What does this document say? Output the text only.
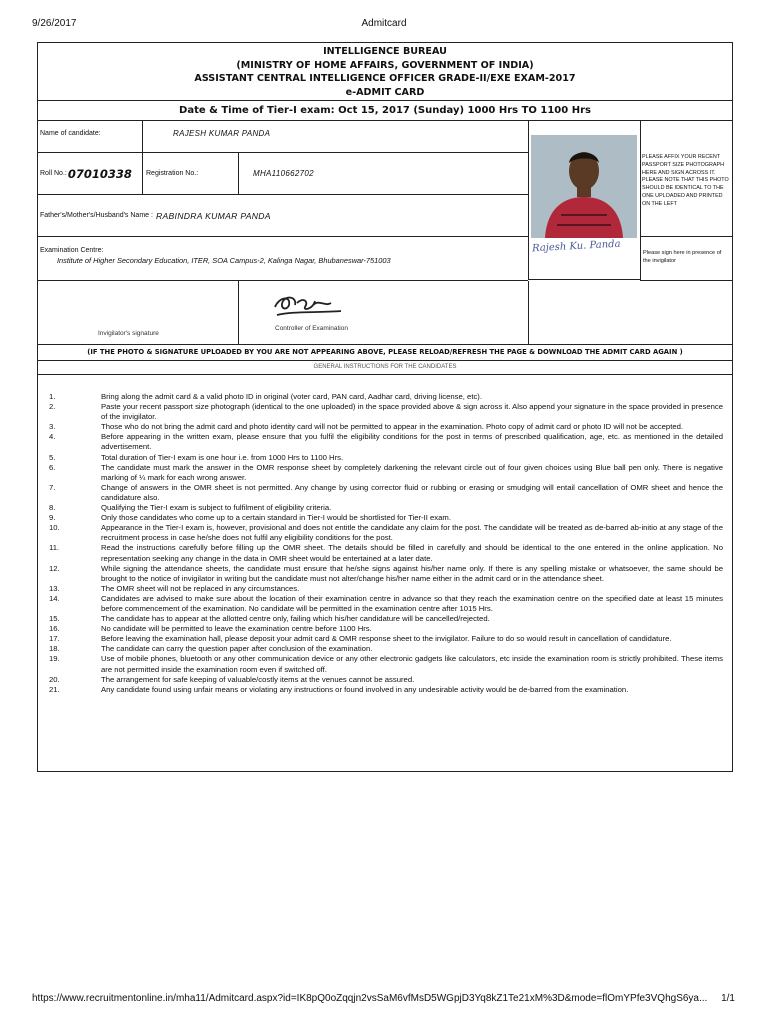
9/26/2017	Admitcard
INTELLIGENCE BUREAU
(MINISTRY OF HOME AFFAIRS, GOVERNMENT OF INDIA)
ASSISTANT CENTRAL INTELLIGENCE OFFICER GRADE-II/EXE EXAM-2017
e-ADMIT CARD
Date & Time of Tier-I exam: Oct 15, 2017 (Sunday) 1000 Hrs TO 1100 Hrs
Name of candidate:	RAJESH KUMAR PANDA
Roll No.: 07010338	Registration No.:	MHA110662702
Father's/Mother's/Husband's Name : RABINDRA KUMAR PANDA
Examination Centre:
Institute of Higher Secondary Education, ITER, SOA Campus-2, Kalinga Nagar, Bhubaneswar-751003
Invigilator's signature
Controller of Examination
PLEASE AFFIX YOUR RECENT PASSPORT SIZE PHOTOGRAPH HERE AND SIGN ACROSS IT. PLEASE NOTE THAT THIS PHOTO SHOULD BE IDENTICAL TO THE ONE UPLOADED AND PRINTED ON THE LEFT
Rajesh Ku. Panda	Please sign here in presence of the invigilator
(IF THE PHOTO & SIGNATURE UPLOADED BY YOU ARE NOT APPEARING ABOVE, PLEASE RELOAD/REFRESH THE PAGE & DOWNLOAD THE ADMIT CARD AGAIN )
GENERAL INSTRUCTIONS FOR THE CANDIDATES
1.	Bring along the admit card & a valid photo ID in original (voter card, PAN card, Aadhar card, driving license, etc).
2.	Paste your recent passport size photograph (identical to the one uploaded) in the space provided above & sign across it. Also append your signature in the space provided in presence of the invigilator.
3.	Those who do not bring the admit card and photo identity card will not be permitted to appear in the examination. Photo copy of admit card or photo ID will not be accepted.
4.	Before appearing in the written exam, please ensure that you fulfil the eligibility conditions for the post in terms of prescribed qualification, age, etc. as mentioned in the detailed advertisement.
5.	Total duration of Tier-I exam is one hour i.e. from 1000 Hrs to 1100 Hrs.
6.	The candidate must mark the answer in the OMR response sheet by completely darkening the relevant circle out of four given choices using Blue ball pen only. There is negative marking of ¼ mark for each wrong answer.
7.	Change of answers in the OMR sheet is not permitted. Any change by using corrector fluid or rubbing or erasing or smudging will entail cancellation of OMR sheet and hence the candidature also.
8.	Qualifying the Tier-I exam is subject to fulfilment of eligibility criteria.
9.	Only those candidates who come up to a certain standard in Tier-I would be shortlisted for Tier-II exam.
10.	Appearance in the Tier-I exam is, however, provisional and does not entitle the candidate any claim for the post. The candidate will be treated as de-barred ab-initio at any stage of the recruitment process in case he/she does not fulfil any eligibility conditions for the post.
11.	Read the instructions carefully before filling up the OMR sheet. The details should be filled in carefully and should be identical to the one entered in the online application. No representation seeking any change in the data in OMR sheet would be entertained at a later date.
12.	While signing the attendance sheets, the candidate must ensure that he/she signs against his/her name only. If there is any spelling mistake or whatsoever, the same should be brought to the notice of invigilator in writing but the candidate must not alter/change his/her name either in the admit card or in the attendance sheet.
13.	The OMR sheet will not be replaced in any circumstances.
14.	Candidates are advised to make sure about the location of their examination centre in advance so that they reach the examination centre on the specified date at least 15 minutes before commencement of the examination. No candidate will be permitted in the examination centre after 1015 Hrs.
15.	The candidate has to appear at the allotted centre only, failing which his/her candidature will be cancelled/rejected.
16.	No candidate will be permitted to leave the examination centre before 1100 Hrs.
17.	Before leaving the examination hall, please deposit your admit card & OMR response sheet to the invigilator. Failure to do so would result in cancellation of candidature.
18.	The candidate can carry the question paper after conclusion of the examination.
19.	Use of mobile phones, bluetooth or any other communication device or any other electronic gadgets like calculators, etc inside the examination room is strictly prohibited. These items are not permitted inside the examination room even if switched off.
20.	The arrangement for safe keeping of valuable/costly items at the venues cannot be assured.
21.	Any candidate found using unfair means or violating any instructions or found involved in any undesirable activity would be de-barred from the examination.
https://www.recruitmentonline.in/mha11/Admitcard.aspx?id=IK8pQ0oZqqjn2vsSaM6vfMsD5WGpjD3Yq8kZ1Te21xM%3D&mode=flOmYPfe3VQhgS6ya... 1/1
